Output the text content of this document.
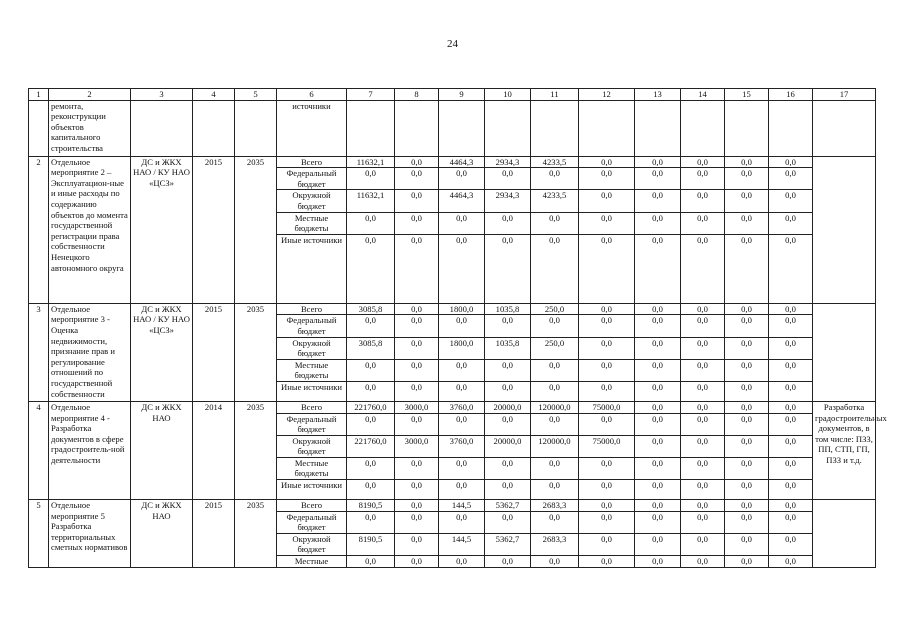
24
1	2	3	4	5	6	7	8	9	10	11	12	13	14	15	16	17
	ремонта, реконструкции объектов капитального строительства				источники											
2	Отдельное мероприятие 2 – Эксплуатацион-ные и иные расходы по содержанию объектов до момента государственной регистрации права собственности Ненецкого автономного округа	ДС и ЖКХ НАО / КУ НАО «ЦСЗ»	2015	2035	Всего	11632,1	0,0	4464,3	2934,3	4233,5	0,0	0,0	0,0	0,0	0,0	
					Федеральный бюджет	0,0	0,0	0,0	0,0	0,0	0,0	0,0	0,0	0,0	0,0	
					Окружной бюджет	11632,1	0,0	4464,3	2934,3	4233,5	0,0	0,0	0,0	0,0	0,0	
					Местные бюджеты	0,0	0,0	0,0	0,0	0,0	0,0	0,0	0,0	0,0	0,0	
					Иные источники	0,0	0,0	0,0	0,0	0,0	0,0	0,0	0,0	0,0	0,0	
3	Отдельное мероприятие 3 - Оценка недвижимости, признание прав и регулирование отношений по государственной собственности	ДС и ЖКХ НАО / КУ НАО «ЦСЗ»	2015	2035	Всего	3085,8	0,0	1800,0	1035,8	250,0	0,0	0,0	0,0	0,0	0,0	
					Федеральный бюджет	0,0	0,0	0,0	0,0	0,0	0,0	0,0	0,0	0,0	0,0	
					Окружной бюджет	3085,8	0,0	1800,0	1035,8	250,0	0,0	0,0	0,0	0,0	0,0	
					Местные бюджеты	0,0	0,0	0,0	0,0	0,0	0,0	0,0	0,0	0,0	0,0	
					Иные источники	0,0	0,0	0,0	0,0	0,0	0,0	0,0	0,0	0,0	0,0	
4	Отдельное мероприятие 4 - Разработка документов в сфере градостроитель-ной деятельности	ДС и ЖКХ НАО	2014	2035	Всего	221760,0	3000,0	3760,0	20000,0	120000,0	75000,0	0,0	0,0	0,0	0,0	Разработка градостроительных документов, в том числе: ПЗЗ, ПП, СТП, ГП, ПЗЗ и т.д.
					Федеральный бюджет	0,0	0,0	0,0	0,0	0,0	0,0	0,0	0,0	0,0	0,0	
					Окружной бюджет	221760,0	3000,0	3760,0	20000,0	120000,0	75000,0	0,0	0,0	0,0	0,0	
					Местные бюджеты	0,0	0,0	0,0	0,0	0,0	0,0	0,0	0,0	0,0	0,0	
					Иные источники	0,0	0,0	0,0	0,0	0,0	0,0	0,0	0,0	0,0	0,0	
5	Отдельное мероприятие 5 Разработка территориальных сметных нормативов	ДС и ЖКХ НАО	2015	2035	Всего	8190,5	0,0	144,5	5362,7	2683,3	0,0	0,0	0,0	0,0	0,0	
					Федеральный бюджет	0,0	0,0	0,0	0,0	0,0	0,0	0,0	0,0	0,0	0,0	
					Окружной бюджет	8190,5	0,0	144,5	5362,7	2683,3	0,0	0,0	0,0	0,0	0,0	
					Местные	0,0	0,0	0,0	0,0	0,0	0,0	0,0	0,0	0,0	0,0	
